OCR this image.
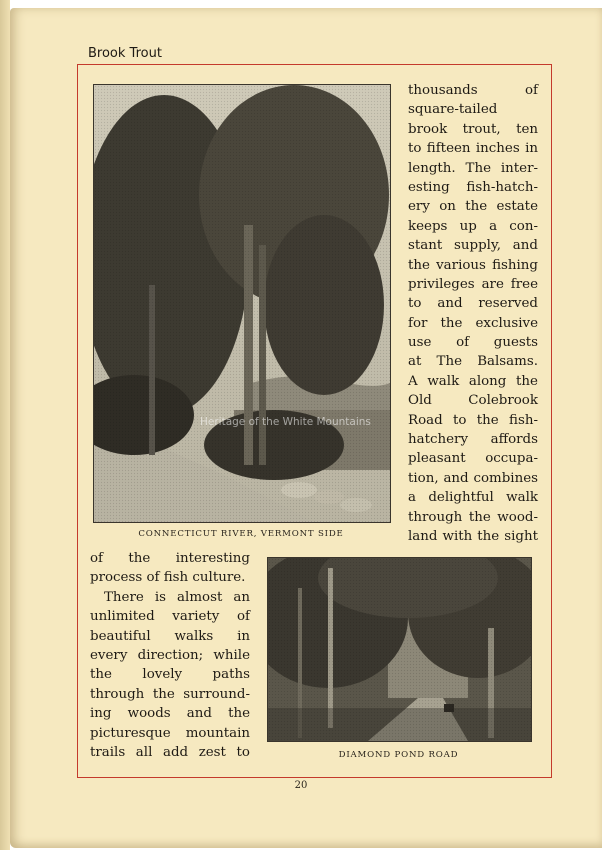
Brook Trout
Heritage of the White Mountains
CONNECTICUT RIVER, VERMONT SIDE
DIAMOND POND ROAD
thousands of
square-tailed
brook trout, ten
to fifteen inches in
length. The inter-
esting fish-hatch-
ery on the estate
keeps up a con-
stant supply, and
the various fishing
privileges are free
to and reserved
for the exclusive
use of guests
at The Balsams.
A walk along the
Old Colebrook
Road to the fish-
hatchery affords
pleasant occupa-
tion, and combines
a delightful walk
through the wood-
land with the sight
of the interesting
process of fish culture.
There is almost an
unlimited variety of
beautiful walks in
every direction; while
the lovely paths
through the surround-
ing woods and the
picturesque mountain
trails all add zest to
20
